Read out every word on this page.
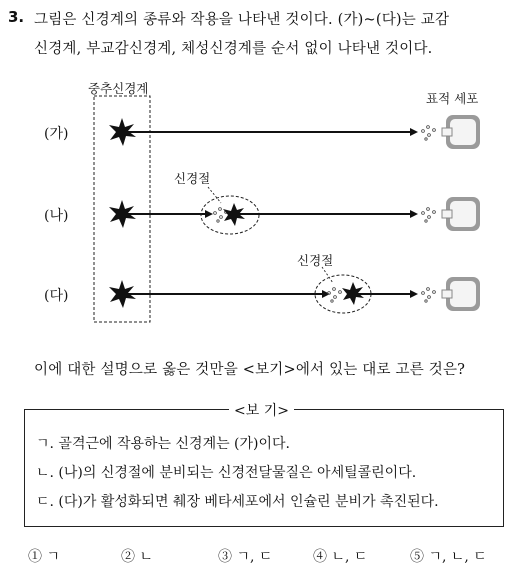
3. 그림은 신경계의 종류와 작용을 나타낸 것이다. (가)~(다)는 교감
신경계, 부교감신경계, 체성신경계를 순서 없이 나타낸 것이다.
중추신경계
표적 세포
신경절
신경절
(가)
(나)
(다)
이에 대한 설명으로 옳은 것만을 <보기>에서 있는 대로 고른 것은?
<보 기>
ㄱ. 골격근에 작용하는 신경계는 (가)이다.
ㄴ. (나)의 신경절에 분비되는 신경전달물질은 아세틸콜린이다.
ㄷ. (다)가 활성화되면 췌장 베타세포에서 인슐린 분비가 촉진된다.
① ㄱ	② ㄴ	③ ㄱ, ㄷ	④ ㄴ, ㄷ	⑤ ㄱ, ㄴ, ㄷ
